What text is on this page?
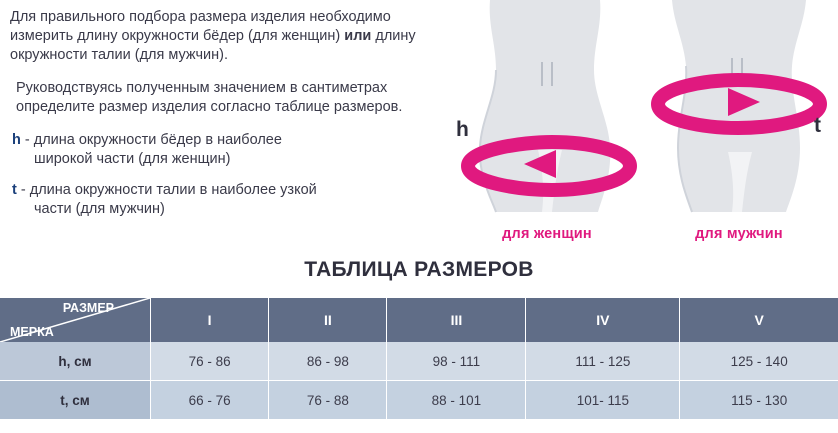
Для правильного подбора размера изделия необходимо измерить длину окружности бёдер (для женщин) или длину окружности талии (для мужчин).

Руководствуясь полученным значением в сантиметрах определите размер изделия согласно таблице размеров.

h - длина окружности бёдер в наиболее
широкой части (для женщин)
t - длина окружности талии в наиболее узкой
части (для мужчин)
h
для женщин
t
для мужчин
ТАБЛИЦА РАЗМЕРОВ
РАЗМЕР
МЕРКА	I	II	III	IV	V
h, см	76 - 86	86 - 98	98 - 111	111 - 125	125 - 140
t, см	66 - 76	76 - 88	88 - 101	101- 115	115 - 130
